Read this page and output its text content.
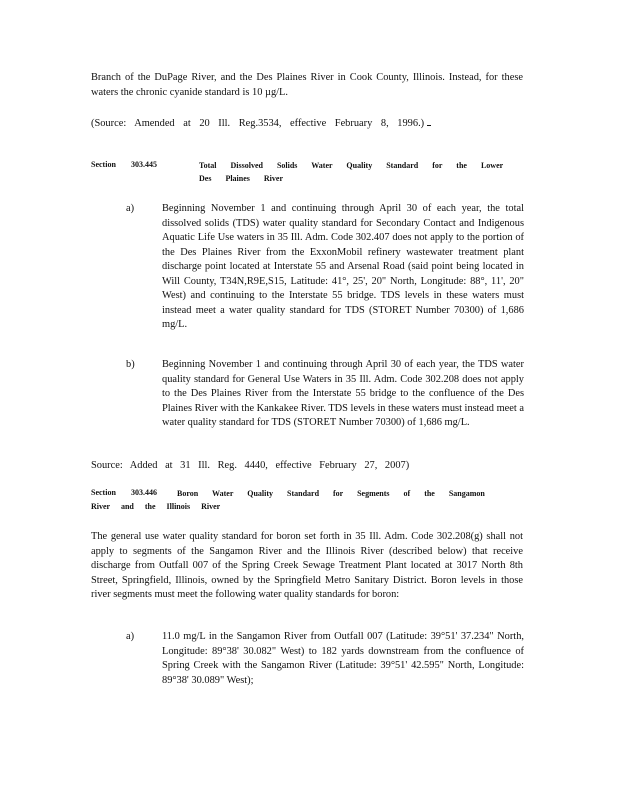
Branch of the DuPage River, and the Des Plaines River in Cook County, Illinois. Instead, for these waters the chronic cyanide standard is 10 µg/L.

(Source: Amended at 20 Ill. Reg.3534, effective February 8, 1996.)

Section 303.445	Total Dissolved Solids Water Quality Standard for the Lower Des Plaines River
a)	Beginning November 1 and continuing through April 30 of each year, the total dissolved solids (TDS) water quality standard for Secondary Contact and Indigenous Aquatic Life Use waters in 35 Ill. Adm. Code 302.407 does not apply to the portion of the Des Plaines River from the ExxonMobil refinery wastewater treatment plant discharge point located at Interstate 55 and Arsenal Road (said point being located in Will County, T34N,R9E,S15, Latitude: 41°, 25', 20" North, Longitude: 88°, 11', 20" West) and continuing to the Interstate 55 bridge. TDS levels in these waters must instead meet a water quality standard for TDS (STORET Number 70300) of 1,686 mg/L.

b)	Beginning November 1 and continuing through April 30 of each year, the TDS water quality standard for General Use Waters in 35 Ill. Adm. Code 302.208 does not apply to the Des Plaines River from the Interstate 55 bridge to the confluence of the Des Plaines River with the Kankakee River. TDS levels in these waters must instead meet a water quality standard for TDS (STORET Number 70300) of 1,686 mg/L.

Source: Added at 31 Ill. Reg. 4440, effective February 27, 2007)

Section 303.446	Boron Water Quality Standard for Segments of the Sangamon
River and the Illinois River

The general use water quality standard for boron set forth in 35 Ill. Adm. Code 302.208(g) shall not apply to segments of the Sangamon River and the Illinois River (described below) that receive discharge from Outfall 007 of the Spring Creek Sewage Treatment Plant located at 3017 North 8th Street, Springfield, Illinois, owned by the Springfield Metro Sanitary District. Boron levels in those river segments must meet the following water quality standards for boron:

a)	11.0 mg/L in the Sangamon River from Outfall 007 (Latitude: 39°51' 37.234" North, Longitude: 89°38' 30.082" West) to 182 yards downstream from the confluence of Spring Creek with the Sangamon River (Latitude: 39°51' 42.595" North, Longitude: 89°38' 30.089" West);
